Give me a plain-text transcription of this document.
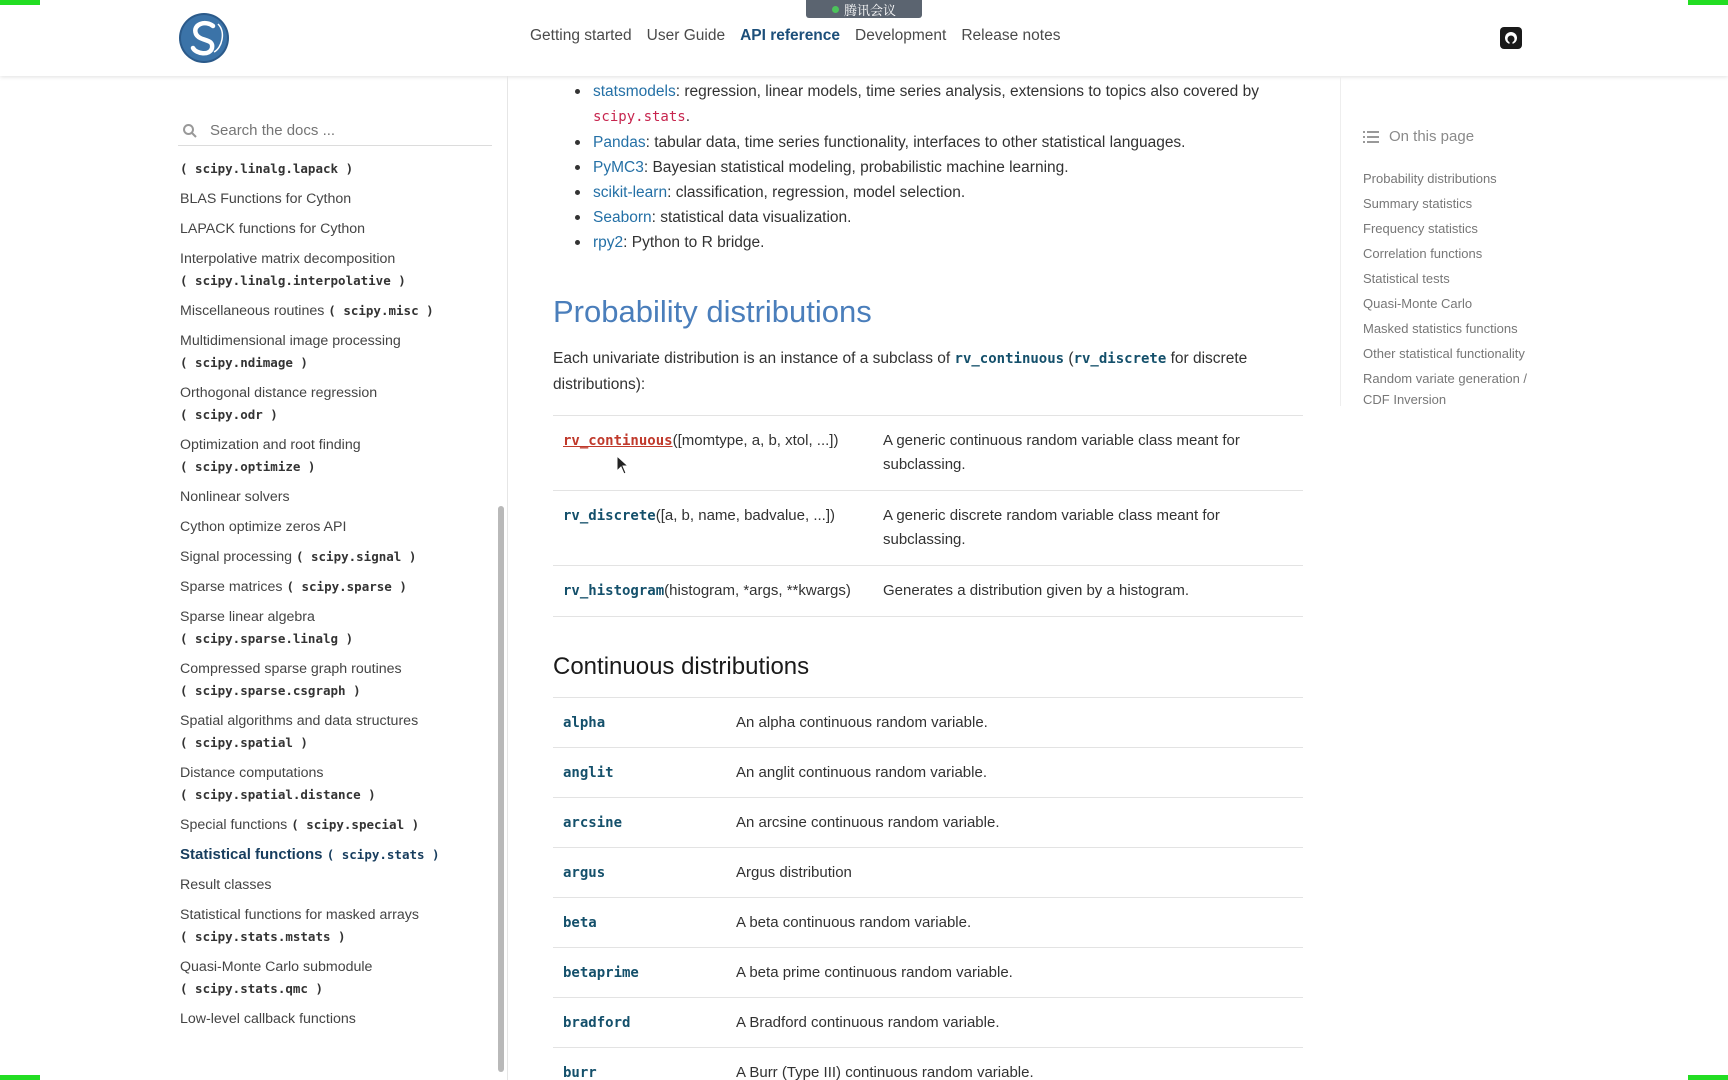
Getting started User Guide API reference Development Release notes
腾讯会议
Search the docs ...
( scipy.linalg.lapack )
BLAS Functions for Cython
LAPACK functions for Cython
Interpolative matrix decomposition
( scipy.linalg.interpolative )
Miscellaneous routines ( scipy.misc )
Multidimensional image processing
( scipy.ndimage )
Orthogonal distance regression
( scipy.odr )
Optimization and root finding
( scipy.optimize )
Nonlinear solvers
Cython optimize zeros API
Signal processing ( scipy.signal )
Sparse matrices ( scipy.sparse )
Sparse linear algebra
( scipy.sparse.linalg )
Compressed sparse graph routines
( scipy.sparse.csgraph )
Spatial algorithms and data structures
( scipy.spatial )
Distance computations
( scipy.spatial.distance )
Special functions ( scipy.special )
Statistical functions ( scipy.stats )
Result classes
Statistical functions for masked arrays
( scipy.stats.mstats )
Quasi-Monte Carlo submodule
( scipy.stats.qmc )
Low-level callback functions
statsmodels: regression, linear models, time series analysis, extensions to topics also covered by scipy.stats.
Pandas: tabular data, time series functionality, interfaces to other statistical languages.
PyMC3: Bayesian statistical modeling, probabilistic machine learning.
scikit-learn: classification, regression, model selection.
Seaborn: statistical data visualization.
rpy2: Python to R bridge.
Probability distributions

Each univariate distribution is an instance of a subclass of rv_continuous (rv_discrete for discrete distributions):

rv_continuous([momtype, a, b, xtol, ...])	A generic continuous random variable class meant for subclassing.
rv_discrete([a, b, name, badvalue, ...])	A generic discrete random variable class meant for subclassing.
rv_histogram(histogram, *args, **kwargs)	Generates a distribution given by a histogram.
Continuous distributions
alpha	An alpha continuous random variable.
anglit	An anglit continuous random variable.
arcsine	An arcsine continuous random variable.
argus	Argus distribution
beta	A beta continuous random variable.
betaprime	A beta prime continuous random variable.
bradford	A Bradford continuous random variable.
burr	A Burr (Type III) continuous random variable.
On this page
Probability distributions
Summary statistics
Frequency statistics
Correlation functions
Statistical tests
Quasi-Monte Carlo
Masked statistics functions
Other statistical functionality
Random variate generation / CDF Inversion
